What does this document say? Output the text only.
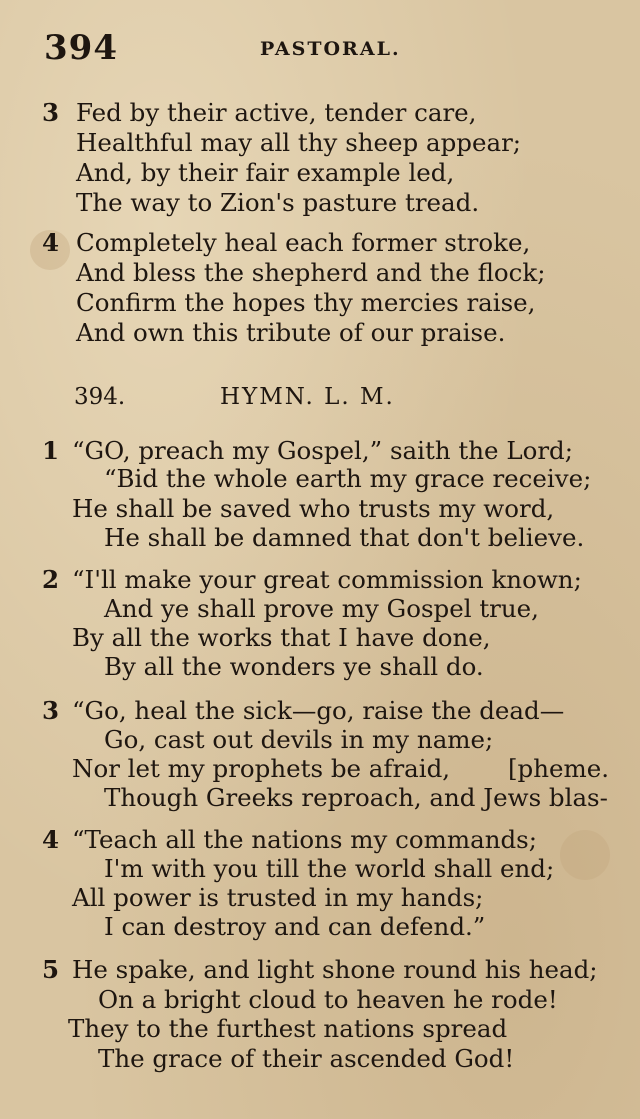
394	PASTORAL.
3 Fed by their active, tender care,
Healthful may all thy sheep appear;
And, by their fair example led,
The way to Zion's pasture tread.
4 Completely heal each former stroke,
And bless the shepherd and the flock;
Confirm the hopes thy mercies raise,
And own this tribute of our praise.
394.	HYMN. L. M.
1 “GO, preach my Gospel,” saith the Lord;
“Bid the whole earth my grace receive;
He shall be saved who trusts my word,
He shall be damned that don't believe.
2 “I'll make your great commission known;
And ye shall prove my Gospel true,
By all the works that I have done,
By all the wonders ye shall do.
3 “Go, heal the sick—go, raise the dead—
Go, cast out devils in my name;
Nor let my prophets be afraid, [pheme.
Though Greeks reproach, and Jews blas-
4 “Teach all the nations my commands;
I'm with you till the world shall end;
All power is trusted in my hands;
I can destroy and can defend.”
5 He spake, and light shone round his head;
On a bright cloud to heaven he rode!
They to the furthest nations spread
The grace of their ascended God!
